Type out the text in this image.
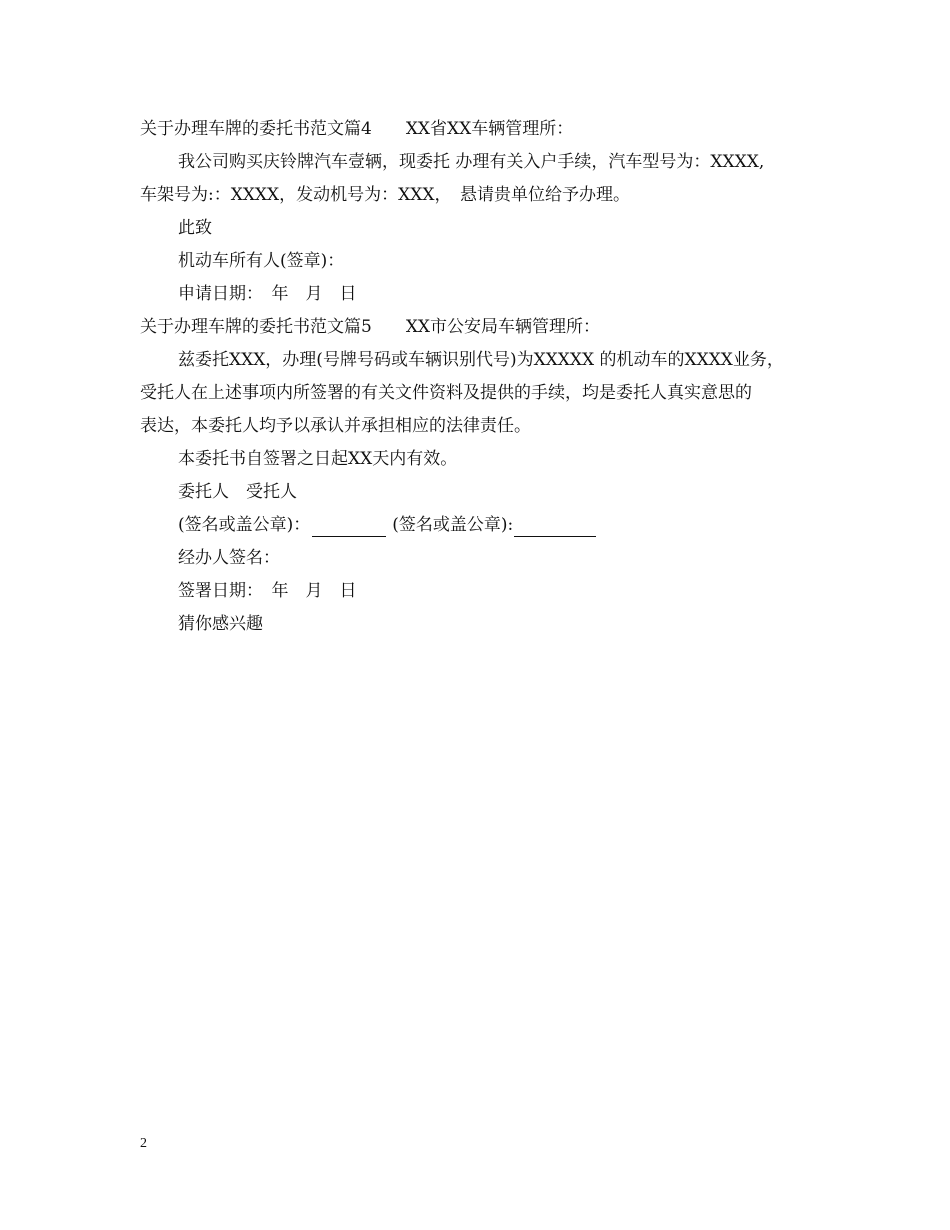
关于办理车牌的委托书范文篇4　　XX省XX车辆管理所：
我公司购买庆铃牌汽车壹辆，现委托 办理有关入户手续，汽车型号为：XXXX,
车架号为:：XXXX，发动机号为：XXX，　悬请贵单位给予办理。
此致
机动车所有人(签章)：
申请日期：　年　月　日
关于办理车牌的委托书范文篇5　　XX市公安局车辆管理所：
兹委托XXX，办理(号牌号码或车辆识别代号)为XXXXX 的机动车的XXXX业务，
受托人在上述事项内所签署的有关文件资料及提供的手续，均是委托人真实意思的
表达，本委托人均予以承认并承担相应的法律责任。
本委托书自签署之日起XX天内有效。
委托人　受托人
(签名或盖公章)：	(签名或盖公章):
经办人签名：
签署日期：　年　月　日
猜你感兴趣
2
